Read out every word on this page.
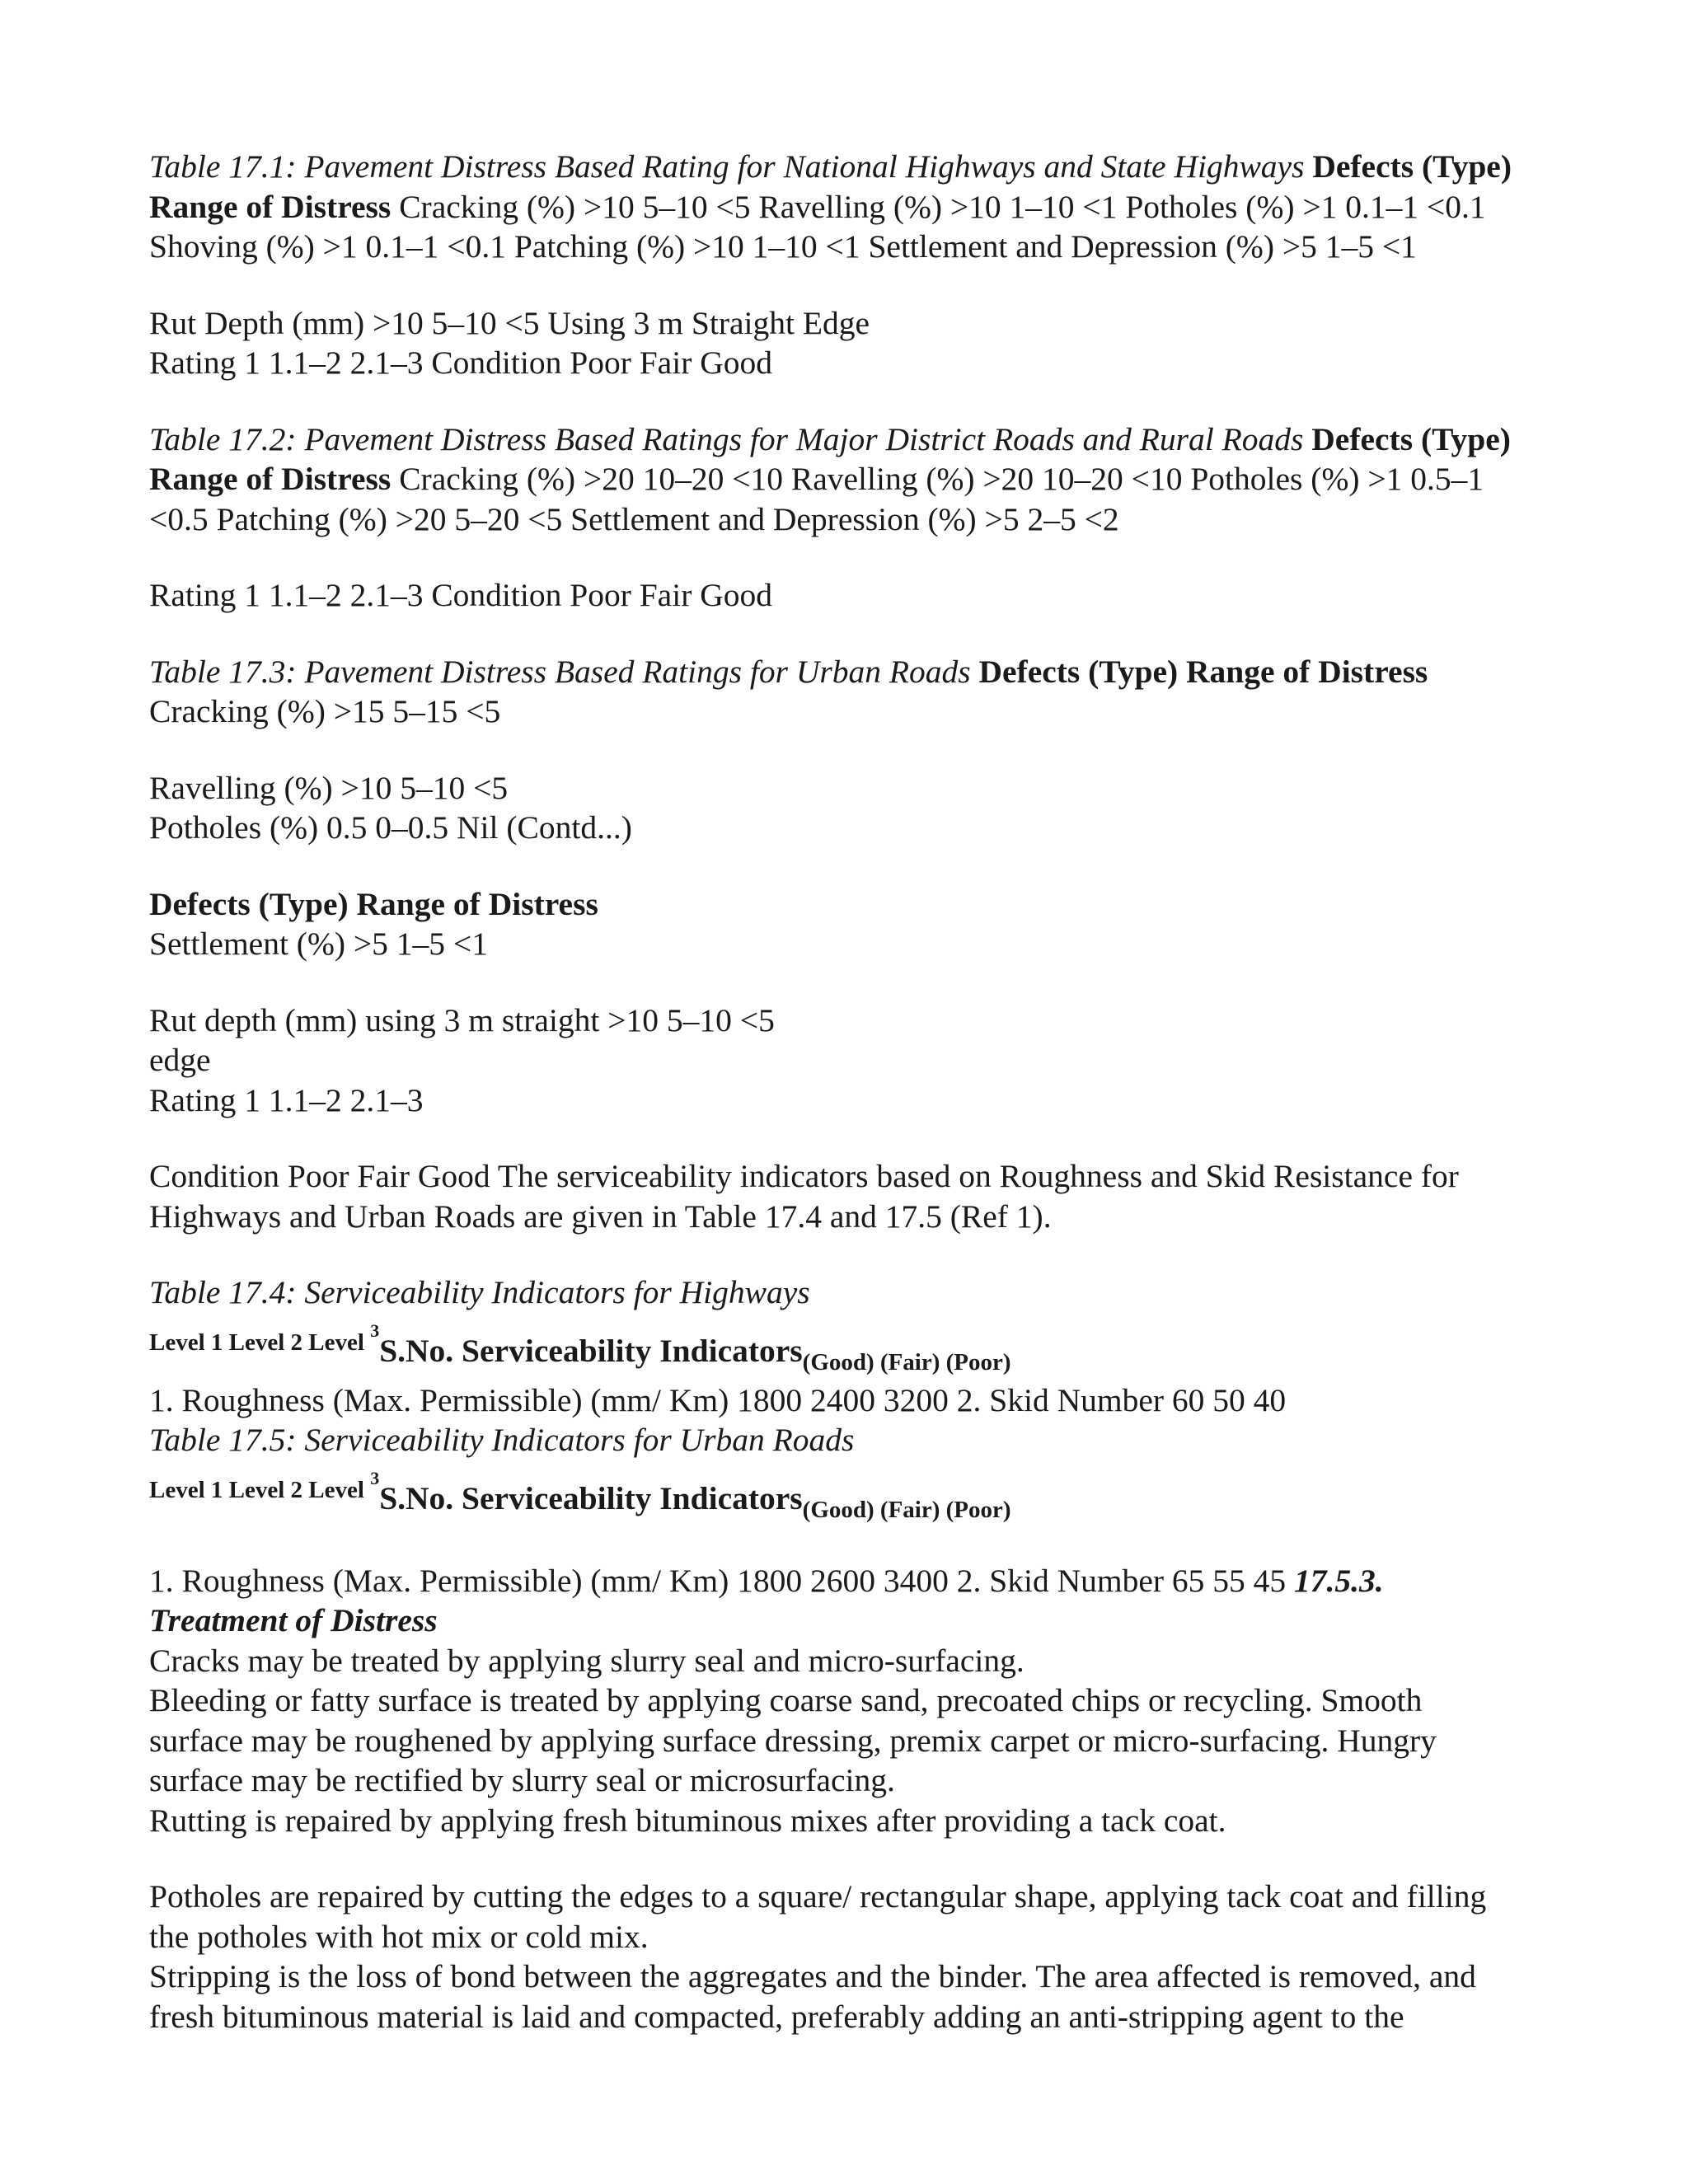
Table 17.1: Pavement Distress Based Rating for National Highways and State Highways Defects (Type)
Range of Distress Cracking (%) >10 5–10 <5 Ravelling (%) >10 1–10 <1 Potholes (%) >1 0.1–1 <0.1
Shoving (%) >1 0.1–1 <0.1 Patching (%) >10 1–10 <1 Settlement and Depression (%) >5 1–5 <1
Rut Depth (mm) >10 5–10 <5 Using 3 m Straight Edge
Rating 1 1.1–2 2.1–3 Condition Poor Fair Good
Table 17.2: Pavement Distress Based Ratings for Major District Roads and Rural Roads Defects (Type)
Range of Distress Cracking (%) >20 10–20 <10 Ravelling (%) >20 10–20 <10 Potholes (%) >1 0.5–1
<0.5 Patching (%) >20 5–20 <5 Settlement and Depression (%) >5 2–5 <2
Rating 1 1.1–2 2.1–3 Condition Poor Fair Good
Table 17.3: Pavement Distress Based Ratings for Urban Roads Defects (Type) Range of Distress
Cracking (%) >15 5–15 <5
Ravelling (%) >10 5–10 <5
Potholes (%) 0.5 0–0.5 Nil (Contd...)
Defects (Type) Range of Distress
Settlement (%) >5 1–5 <1
Rut depth (mm) using 3 m straight >10 5–10 <5
edge
Rating 1 1.1–2 2.1–3
Condition Poor Fair Good The serviceability indicators based on Roughness and Skid Resistance for
Highways and Urban Roads are given in Table 17.4 and 17.5 (Ref 1).
Table 17.4: Serviceability Indicators for Highways
$^{Level 1 Level 2 Level}$ $^3$S.No. Serviceability Indicators$_{(Good) (Fair) (Poor)}$
1. Roughness (Max. Permissible) (mm/ Km) 1800 2400 3200 2. Skid Number 60 50 40
Table 17.5: Serviceability Indicators for Urban Roads
$^{Level 1 Level 2 Level}$ $^3$S.No. Serviceability Indicators$_{(Good) (Fair) (Poor)}$
1. Roughness (Max. Permissible) (mm/ Km) 1800 2600 3400 2. Skid Number 65 55 45 17.5.3.
Treatment of Distress
Cracks may be treated by applying slurry seal and micro-surfacing.
Bleeding or fatty surface is treated by applying coarse sand, precoated chips or recycling. Smooth
surface may be roughened by applying surface dressing, premix carpet or micro-surfacing. Hungry
surface may be rectified by slurry seal or microsurfacing.
Rutting is repaired by applying fresh bituminous mixes after providing a tack coat.
Potholes are repaired by cutting the edges to a square/ rectangular shape, applying tack coat and filling
the potholes with hot mix or cold mix.
Stripping is the loss of bond between the aggregates and the binder. The area affected is removed, and
fresh bituminous material is laid and compacted, preferably adding an anti-stripping agent to the
